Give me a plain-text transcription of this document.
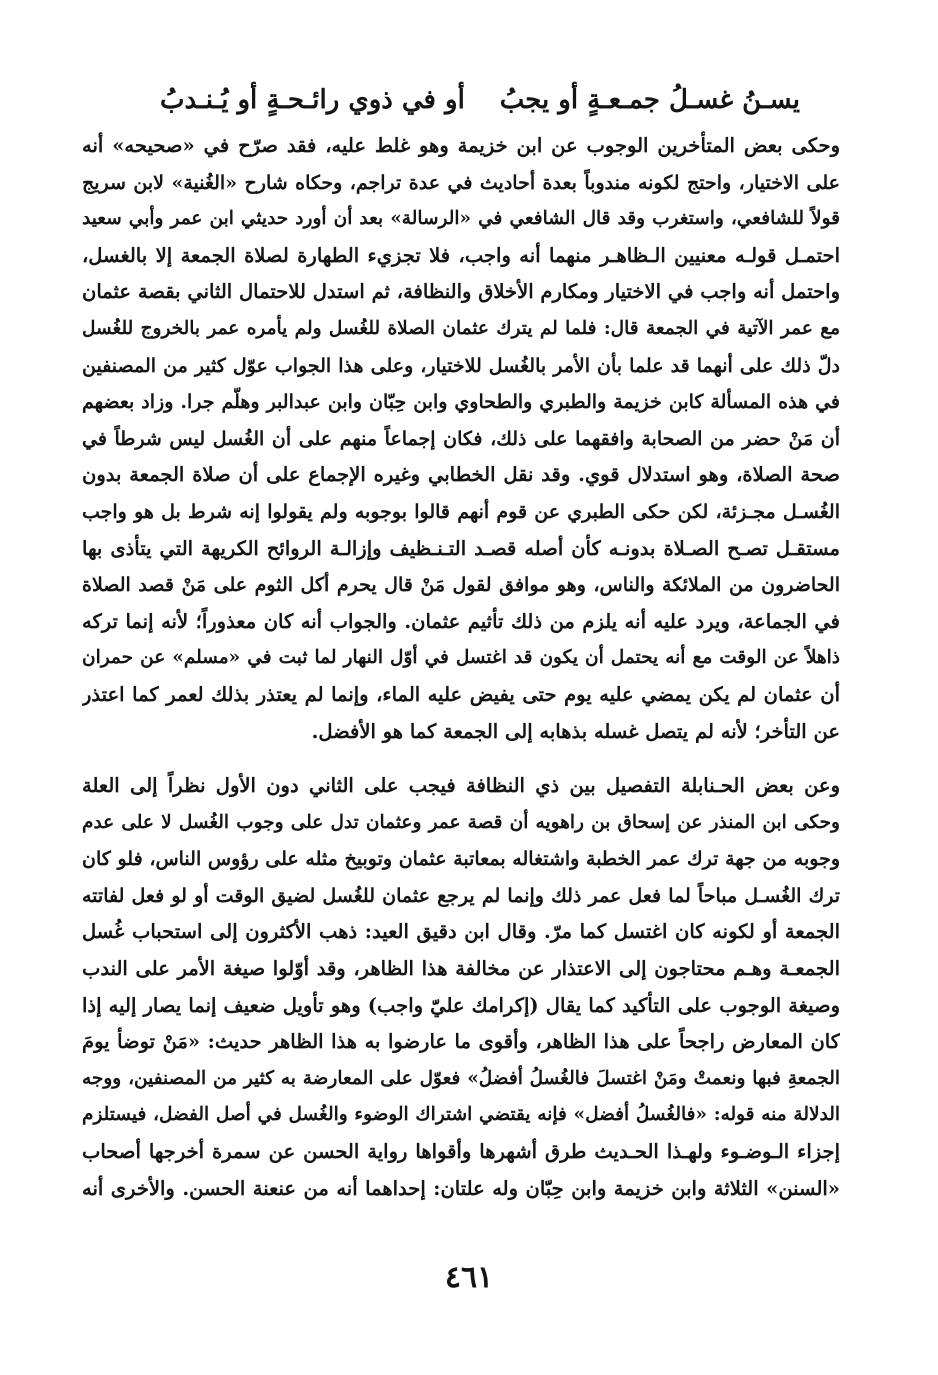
يسـنُ غسـلُ جمـعـةٍ أو يجبُ
أو في ذوي رائـحـةٍ أو يُـنـدبُ
وحكى بعض المتأخرين الوجوب عن ابن خزيمة وهو غلط عليه، فقد صرّح في «صحيحه» أنه
على الاختيار، واحتج لكونه مندوباً بعدة أحاديث في عدة تراجم، وحكاه شارح «الغُنية» لابن سريج
قولاً للشافعي، واستغرب وقد قال الشافعي في «الرسالة» بعد أن أورد حديثي ابن عمر وأبي سعيد
احتمـل قولـه معنيين الـظاهـر منهما أنه واجب، فلا تجزيء الطهارة لصلاة الجمعة إلا بالغسل،
واحتمل أنه واجب في الاختيار ومكارم الأخلاق والنظافة، ثم استدل للاحتمال الثاني بقصة عثمان
مع عمر الآتية في الجمعة قال: فلما لم يترك عثمان الصلاة للغُسل ولم يأمره عمر بالخروج للغُسل
دلّ ذلك على أنهما قد علما بأن الأمر بالغُسل للاختيار، وعلى هذا الجواب عوّل كثير من المصنفين
في هذه المسألة كابن خزيمة والطبري والطحاوي وابن حِبّان وابن عبدالبر وهلّم جرا. وزاد بعضهم
أن مَنْ حضر من الصحابة وافقهما على ذلك، فكان إجماعاً منهم على أن الغُسل ليس شرطاً في
صحة الصلاة، وهو استدلال قوي. وقد نقل الخطابي وغيره الإجماع على أن صلاة الجمعة بدون
الغُسـل مجـزئة، لكن حكى الطبري عن قوم أنهم قالوا بوجوبه ولم يقولوا إنه شرط بل هو واجب
مستقـل تصـح الصـلاة بدونـه كأن أصله قصـد التـنـظيف وإزالـة الروائح الكريهة التي يتأذى بها
الحاضرون من الملائكة والناس، وهو موافق لقول مَنْ قال يحرم أكل الثوم على مَنْ قصد الصلاة
في الجماعة، ويرد عليه أنه يلزم من ذلك تأثيم عثمان. والجواب أنه كان معذوراً؛ لأنه إنما تركه
ذاهلاً عن الوقت مع أنه يحتمل أن يكون قد اغتسل في أوّل النهار لما ثبت في «مسلم» عن حمران
أن عثمان لم يكن يمضي عليه يوم حتى يفيض عليه الماء، وإنما لم يعتذر بذلك لعمر كما اعتذر
عن التأخر؛ لأنه لم يتصل غسله بذهابه إلى الجمعة كما هو الأفضل.
وعن بعض الحـنابلة التفصيل بين ذي النظافة فيجب على الثاني دون الأول نظراً إلى العلة
وحكى ابن المنذر عن إسحاق بن راهويه أن قصة عمر وعثمان تدل على وجوب الغُسل لا على عدم
وجوبه من جهة ترك عمر الخطبة واشتغاله بمعاتبة عثمان وتوبيخ مثله على رؤوس الناس، فلو كان
ترك الغُسـل مباحاً لما فعل عمر ذلك وإنما لم يرجع عثمان للغُسل لضيق الوقت أو لو فعل لفاتته
الجمعة أو لكونه كان اغتسل كما مرّ. وقال ابن دقيق العيد: ذهب الأكثرون إلى استحباب غُسل
الجمعـة وهـم محتاجون إلى الاعتذار عن مخالفة هذا الظاهر، وقد أوّلوا صيغة الأمر على الندب
وصيغة الوجوب على التأكيد كما يقال (إكرامك عليّ واجب) وهو تأويل ضعيف إنما يصار إليه إذا
كان المعارض راجحاً على هذا الظاهر، وأقوى ما عارضوا به هذا الظاهر حديث: «مَنْ توضأ يومَ
الجمعةِ فبها ونعمتْ ومَنْ اغتسلَ فالغُسلُ أفضلُ» فعوّل على المعارضة به كثير من المصنفين، ووجه
الدلالة منه قوله: «فالغُسلُ أفضل» فإنه يقتضي اشتراك الوضوء والغُسل في أصل الفضل، فيستلزم
إجزاء الـوضـوء ولهـذا الحـديث طرق أشهرها وأقواها رواية الحسن عن سمرة أخرجها أصحاب
«السنن» الثلاثة وابن خزيمة وابن حِبّان وله علتان: إحداهما أنه من عنعنة الحسن. والأخرى أنه
٤٦١
